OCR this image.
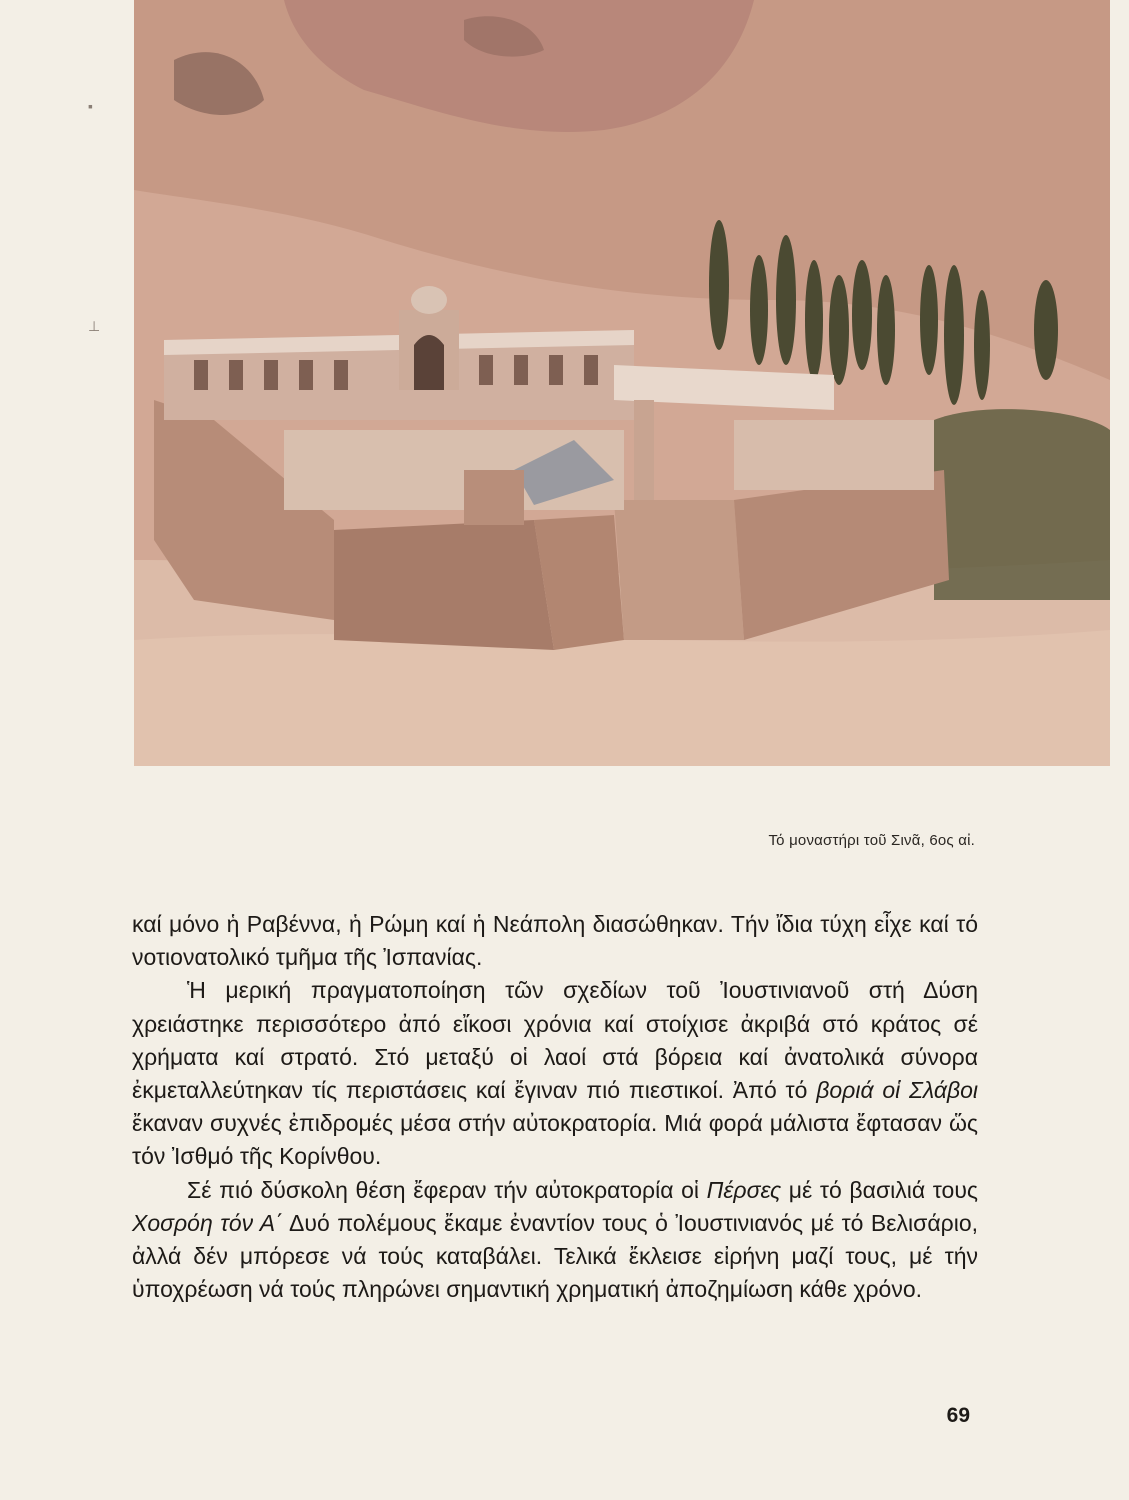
▪
⊥
Τό μοναστήρι τοῦ Σινᾶ, 6ος αἰ.

καί μόνο ἡ Ραβέννα, ἡ Ρώμη καί ἡ Νεάπολη διασώθηκαν. Τήν ἴδια τύχη εἶχε καί τό νοτιονατολικό τμῆμα τῆς Ἰσπανίας.

Ἡ μερική πραγματοποίηση τῶν σχεδίων τοῦ Ἰουστινιανοῦ στή Δύση χρειάστηκε περισσότερο ἀπό εἴκοσι χρόνια καί στοίχισε ἀκριβά στό κράτος σέ χρήματα καί στρατό. Στό μεταξύ οἱ λαοί στά βόρεια καί ἀνατολικά σύνορα ἐκμεταλλεύτηκαν τίς περιστάσεις καί ἔγιναν πιό πιεστικοί. Ἀπό τό βοριά οἱ Σλάβοι ἔκαναν συχνές ἐπιδρομές μέσα στήν αὐτοκρατορία. Μιά φορά μάλιστα ἔφτασαν ὥς τόν Ἰσθμό τῆς Κορίνθου.

Σέ πιό δύσκολη θέση ἔφεραν τήν αὐτοκρατορία οἱ Πέρσες μέ τό βασιλιά τους Χοσρόη τόν Α΄ Δυό πολέμους ἔκαμε ἐναντίον τους ὁ Ἰουστινιανός μέ τό Βελισάριο, ἀλλά δέν μπόρεσε νά τούς καταβάλει. Τελικά ἔκλεισε εἰρήνη μαζί τους, μέ τήν ὑποχρέωση νά τούς πληρώνει σημαντική χρηματική ἀποζημίωση κάθε χρόνο.

69
